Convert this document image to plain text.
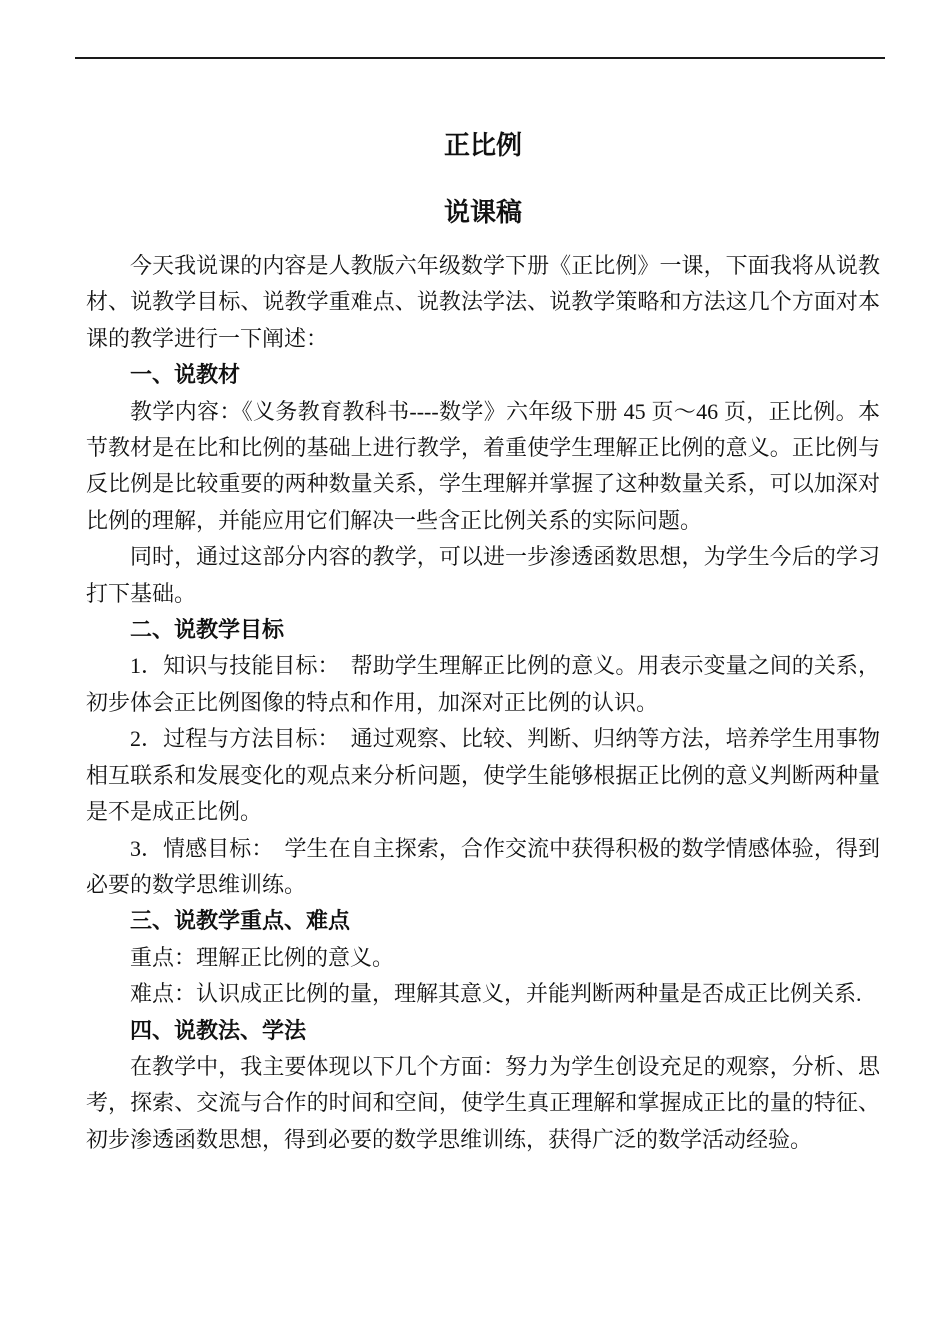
正比例
说课稿

今天我说课的内容是人教版六年级数学下册《正比例》一课，下面我将从说教材、说教学目标、说教学重难点、说教法学法、说教学策略和方法这几个方面对本课的教学进行一下阐述：

一、说教材

教学内容：《义务教育教科书----数学》六年级下册 45 页～46 页，正比例。本节教材是在比和比例的基础上进行教学，着重使学生理解正比例的意义。正比例与反比例是比较重要的两种数量关系，学生理解并掌握了这种数量关系，可以加深对比例的理解，并能应用它们解决一些含正比例关系的实际问题。

同时，通过这部分内容的教学，可以进一步渗透函数思想，为学生今后的学习打下基础。

二、说教学目标

1．知识与技能目标：　帮助学生理解正比例的意义。用表示变量之间的关系，初步体会正比例图像的特点和作用，加深对正比例的认识。

2．过程与方法目标：　通过观察、比较、判断、归纳等方法，培养学生用事物相互联系和发展变化的观点来分析问题，使学生能够根据正比例的意义判断两种量是不是成正比例。

3．情感目标：　学生在自主探索，合作交流中获得积极的数学情感体验，得到必要的数学思维训练。

三、说教学重点、难点

重点：理解正比例的意义。

难点：认识成正比例的量，理解其意义，并能判断两种量是否成正比例关系.

四、说教法、学法

在教学中，我主要体现以下几个方面：努力为学生创设充足的观察，分析、思考，探索、交流与合作的时间和空间，使学生真正理解和掌握成正比的量的特征、初步渗透函数思想，得到必要的数学思维训练，获得广泛的数学活动经验。
